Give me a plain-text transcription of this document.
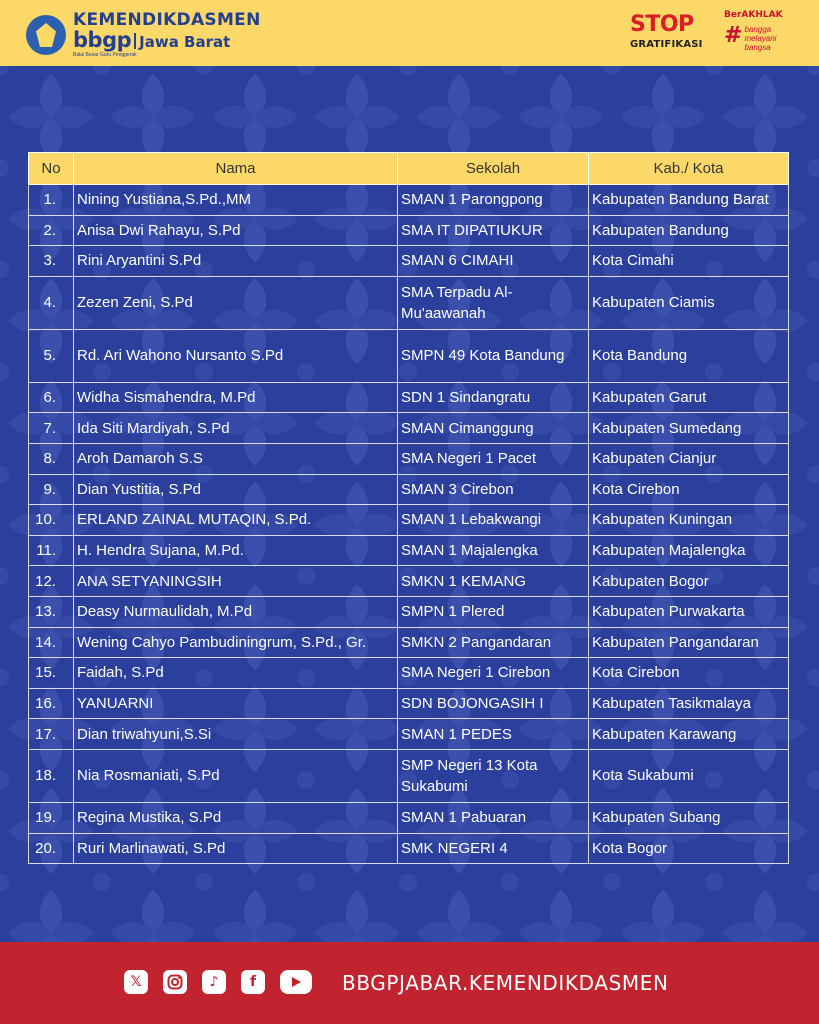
KEMENDIKDASMEN
bbgp Jawa Barat
Balai Besar Guru Penggerak
STOP
GRATIFIKASI
BerAKHLAK
# bangga
melayani
bangsa
No	Nama	Sekolah	Kab./ Kota
1.	Nining Yustiana,S.Pd.,MM	SMAN 1 Parongpong	Kabupaten Bandung Barat
2.	Anisa Dwi Rahayu, S.Pd	SMA IT DIPATIUKUR	Kabupaten Bandung
3.	Rini Aryantini S.Pd	SMAN 6 CIMAHI	Kota Cimahi
4.	Zezen Zeni, S.Pd	SMA Terpadu Al-Mu'aawanah	Kabupaten Ciamis
5.	Rd. Ari Wahono Nursanto S.Pd	SMPN 49 Kota Bandung	Kota Bandung
6.	Widha Sismahendra, M.Pd	SDN 1 Sindangratu	Kabupaten Garut
7.	Ida Siti Mardiyah, S.Pd	SMAN Cimanggung	Kabupaten Sumedang
8.	Aroh Damaroh S.S	SMA Negeri 1 Pacet	Kabupaten Cianjur
9.	Dian Yustitia, S.Pd	SMAN 3 Cirebon	Kota Cirebon
10.	ERLAND ZAINAL MUTAQIN, S.Pd.	SMAN 1 Lebakwangi	Kabupaten Kuningan
11.	H. Hendra Sujana, M.Pd.	SMAN 1 Majalengka	Kabupaten Majalengka
12.	ANA SETYANINGSIH	SMKN 1 KEMANG	Kabupaten Bogor
13.	Deasy Nurmaulidah, M.Pd	SMPN 1 Plered	Kabupaten Purwakarta
14.	Wening Cahyo Pambudiningrum, S.Pd., Gr.	SMKN 2 Pangandaran	Kabupaten Pangandaran
15.	Faidah, S.Pd	SMA Negeri 1 Cirebon	Kota Cirebon
16.	YANUARNI	SDN BOJONGASIH I	Kabupaten Tasikmalaya
17.	Dian triwahyuni,S.Si	SMAN 1 PEDES	Kabupaten Karawang
18.	Nia Rosmaniati, S.Pd	SMP Negeri 13 Kota Sukabumi	Kota Sukabumi
19.	Regina Mustika, S.Pd	SMAN 1 Pabuaran	Kabupaten Subang
20.	Ruri Marlinawati, S.Pd	SMK NEGERI 4	Kota Bogor
𝕏	♪	f	BBGPJABAR.KEMENDIKDASMEN
